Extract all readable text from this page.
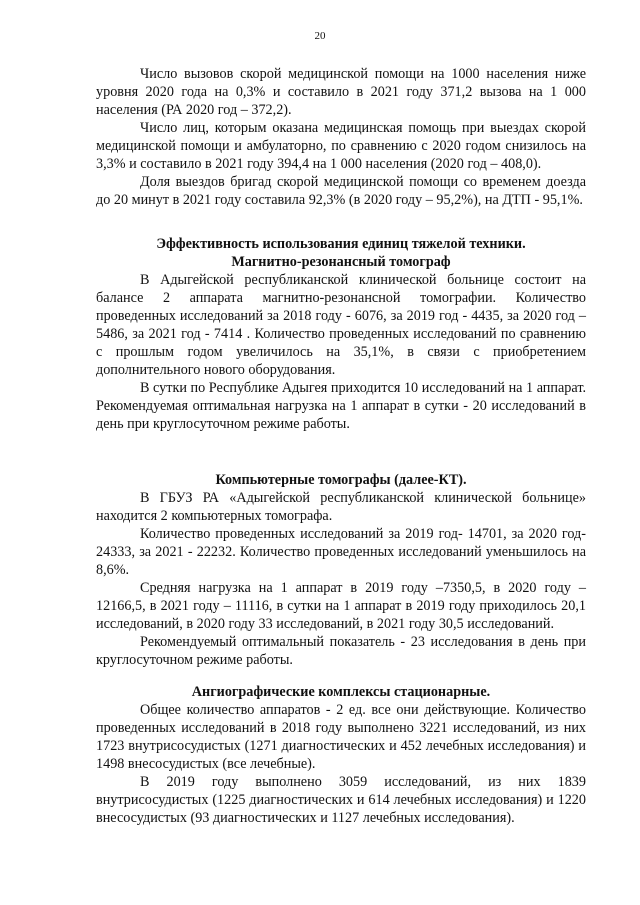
20

Число вызовов скорой медицинской помощи на 1000 населения ниже уровня 2020 года на 0,3% и составило в 2021 году 371,2 вызова на 1 000 населения (РА 2020 год – 372,2).

Число лиц, которым оказана медицинская помощь при выездах скорой медицинской помощи и амбулаторно, по сравнению с 2020 годом снизилось на 3,3% и составило в 2021 году 394,4 на 1 000 населения (2020 год – 408,0).

Доля выездов бригад скорой медицинской помощи со временем доезда до 20 минут в 2021 году составила 92,3% (в 2020 году – 95,2%), на ДТП - 95,1%.

Эффективность использования единиц тяжелой техники.
Магнитно-резонансный томограф

В Адыгейской республиканской клинической больнице состоит на балансе 2 аппарата магнитно-резонансной томографии. Количество проведенных исследований за 2018 году - 6076, за 2019 год - 4435, за 2020 год – 5486, за 2021 год - 7414 . Количество проведенных исследований по сравнению с прошлым годом увеличилось на 35,1%, в связи с приобретением дополнительного нового оборудования.

В сутки по Республике Адыгея приходится 10 исследований на 1 аппарат. Рекомендуемая оптимальная нагрузка на 1 аппарат в сутки - 20 исследований в день при круглосуточном режиме работы.

Компьютерные томографы (далее-КТ).

В ГБУЗ РА «Адыгейской республиканской клинической больнице» находится 2 компьютерных томографа.

Количество проведенных исследований за 2019 год- 14701, за 2020 год- 24333, за 2021 - 22232. Количество проведенных исследований уменьшилось на 8,6%.

Средняя нагрузка на 1 аппарат в 2019 году –7350,5, в 2020 году – 12166,5, в 2021 году – 11116, в сутки на 1 аппарат в 2019 году приходилось 20,1 исследований, в 2020 году 33 исследований, в 2021 году 30,5 исследований.

Рекомендуемый оптимальный показатель - 23 исследования в день при круглосуточном режиме работы.

Ангиографические комплексы стационарные.

Общее количество аппаратов - 2 ед. все они действующие. Количество проведенных исследований в 2018 году выполнено 3221 исследований, из них 1723 внутрисосудистых (1271 диагностических и 452 лечебных исследования) и 1498 внесосудистых (все лечебные).

В 2019 году выполнено 3059 исследований, из них 1839 внутрисосудистых (1225 диагностических и 614 лечебных исследования) и 1220 внесосудистых (93 диагностических и 1127 лечебных исследования).
